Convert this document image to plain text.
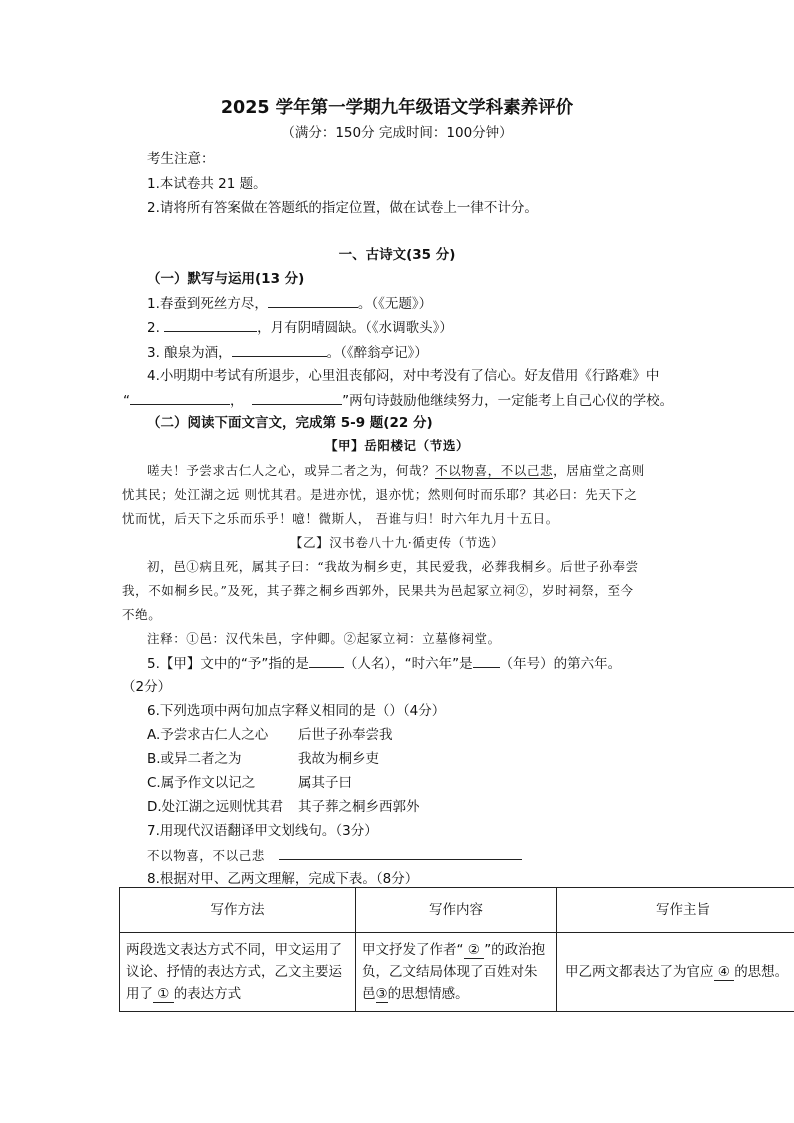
2025 学年第一学期九年级语文学科素养评价
（满分：150分 完成时间：100分钟）
考生注意：
1.本试卷共 21 题。
2.请将所有答案做在答题纸的指定位置，做在试卷上一律不计分。
一、古诗文(35 分)
（一）默写与运用(13 分)
1.春蚕到死丝方尽，	。（《无题》）
2.	，月有阴晴圆缺。（《水调歌头》）
3. 酿泉为酒，	。（《醉翁亭记》）
4.小明期中考试有所退步，心里沮丧郁闷，对中考没有了信心。好友借用《行路难》中
“	，	”两句诗鼓励他继续努力，一定能考上自己心仪的学校。
（二）阅读下面文言文，完成第 5-9 题(22 分)
【甲】岳阳楼记（节选）
嗟夫！予尝求古仁人之心，或异二者之为，何哉？不以物喜，不以己悲，居庙堂之高则
忧其民；处江湖之远 则忧其君。是进亦忧，退亦忧；然则何时而乐耶？其必曰：先天下之
忧而忧，后天下之乐而乐乎！噫！微斯人， 吾谁与归！时六年九月十五日。
【乙】汉书卷八十九·循吏传（节选）
初，邑①病且死，属其子曰：“我故为桐乡吏，其民爱我，必葬我桐乡。后世子孙奉尝
我，不如桐乡民。”及死，其子葬之桐乡西郭外，民果共为邑起冢立祠②，岁时祠祭，至今
不绝。
注释：①邑：汉代朱邑，字仲卿。②起冢立祠：立墓修祠堂。
5.【甲】文中的“予”指的是	（人名），“时六年”是 （年号）的第六年。
（2分）
6.下列选项中两句加点字释义相同的是（）（4分）
A.予尝求古仁人之心 后世子孙奉尝我
B.或异二者之为	我故为桐乡吏
C.属予作文以记之	属其子曰
D.处江湖之远则忧其君 其子葬之桐乡西郭外
7.用现代汉语翻译甲文划线句。（3分）
不以物喜，不以己悲
8.根据对甲、乙两文理解，完成下表。（8分）
写作方法	写作内容	写作主旨
两段选文表达方式不同，甲文运用了议论、抒情的表达方式，乙文主要运用了 ① 的表达方式	甲文抒发了作者“ ② ”的政治抱负，乙文结局体现了百姓对朱邑③的思想情感。	甲乙两文都表达了为官应 ④ 的思想。
